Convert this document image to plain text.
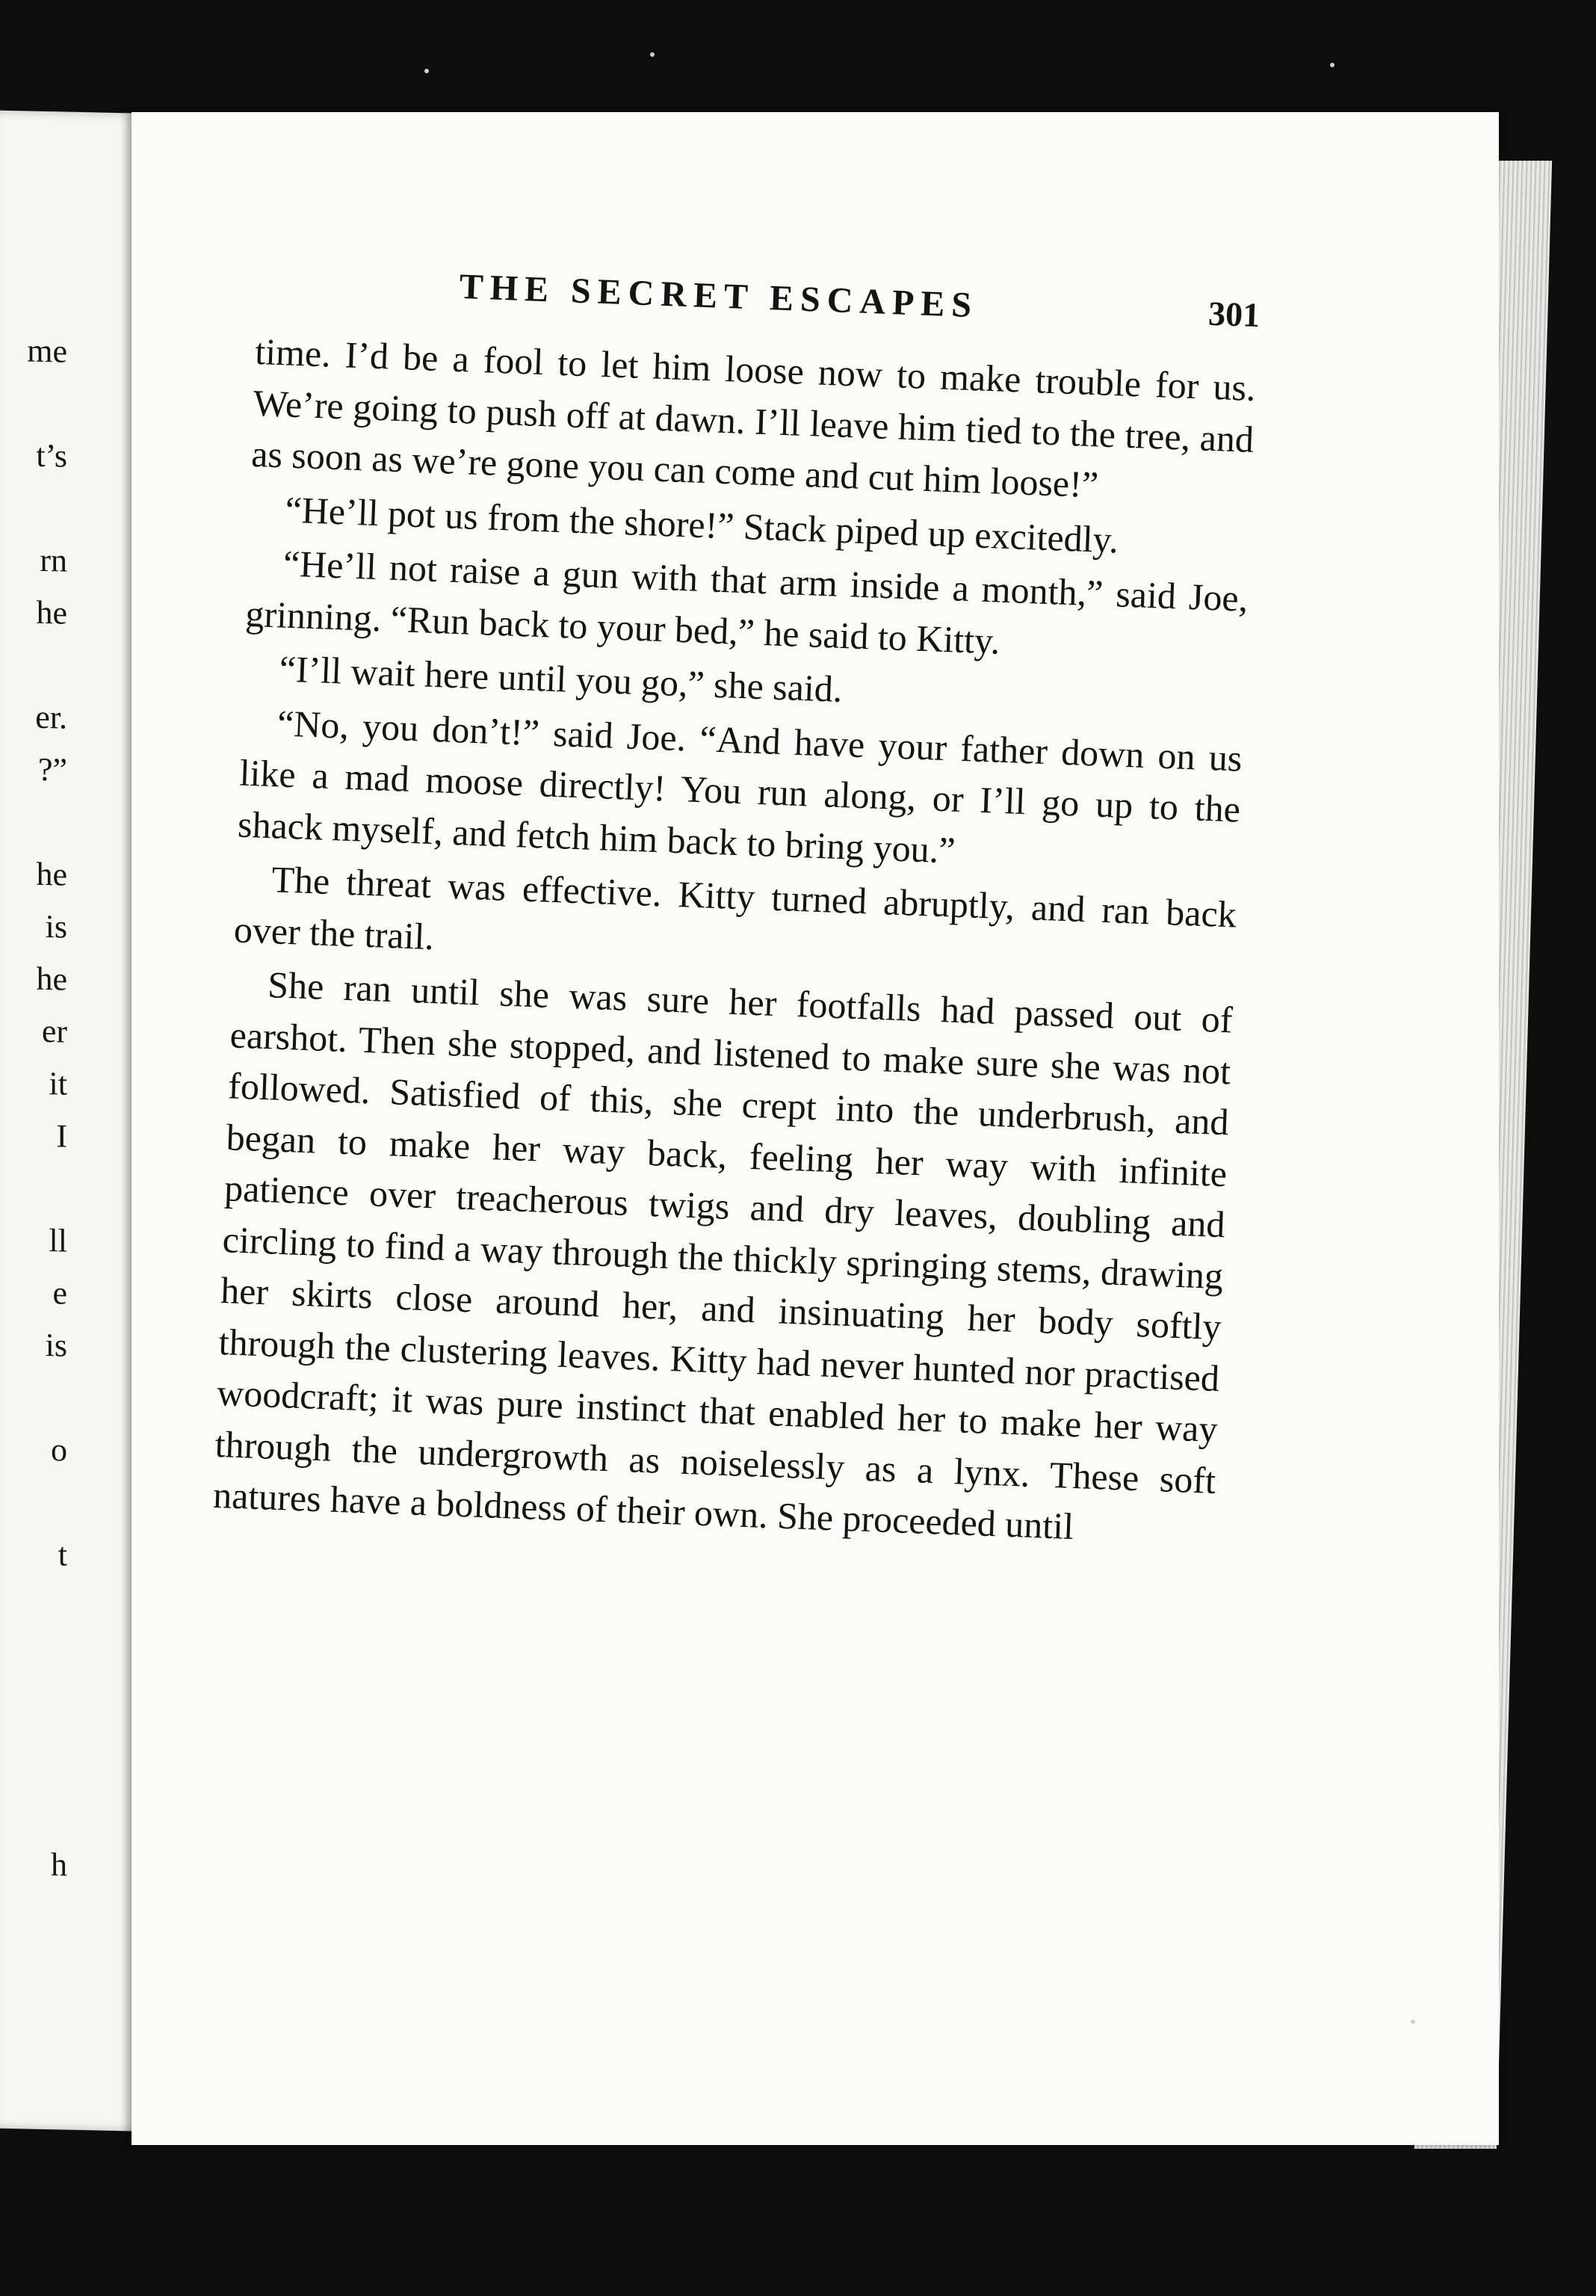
me
t’s
rn
he
er.
?”
he
is
he
er
it
I
ll
e
is
o
t
h
THE SECRET ESCAPES	301

time. I’d be a fool to let him loose now to make trouble for us. We’re going to push off at dawn. I’ll leave him tied to the tree, and as soon as we’re gone you can come and cut him loose!”

“He’ll pot us from the shore!” Stack piped up excitedly.

“He’ll not raise a gun with that arm inside a month,” said Joe, grinning. “Run back to your bed,” he said to Kitty.

“I’ll wait here until you go,” she said.

“No, you don’t!” said Joe. “And have your father down on us like a mad moose directly! You run along, or I’ll go up to the shack myself, and fetch him back to bring you.”

The threat was effective. Kitty turned abruptly, and ran back over the trail.

She ran until she was sure her footfalls had passed out of earshot. Then she stopped, and listened to make sure she was not followed. Satisfied of this, she crept into the underbrush, and began to make her way back, feeling her way with infinite patience over treacherous twigs and dry leaves, doubling and circling to find a way through the thickly springing stems, drawing her skirts close around her, and insinuating her body softly through the clustering leaves. Kitty had never hunted nor practised woodcraft; it was pure instinct that enabled her to make her way through the undergrowth as noiselessly as a lynx. These soft natures have a boldness of their own. She proceeded until
